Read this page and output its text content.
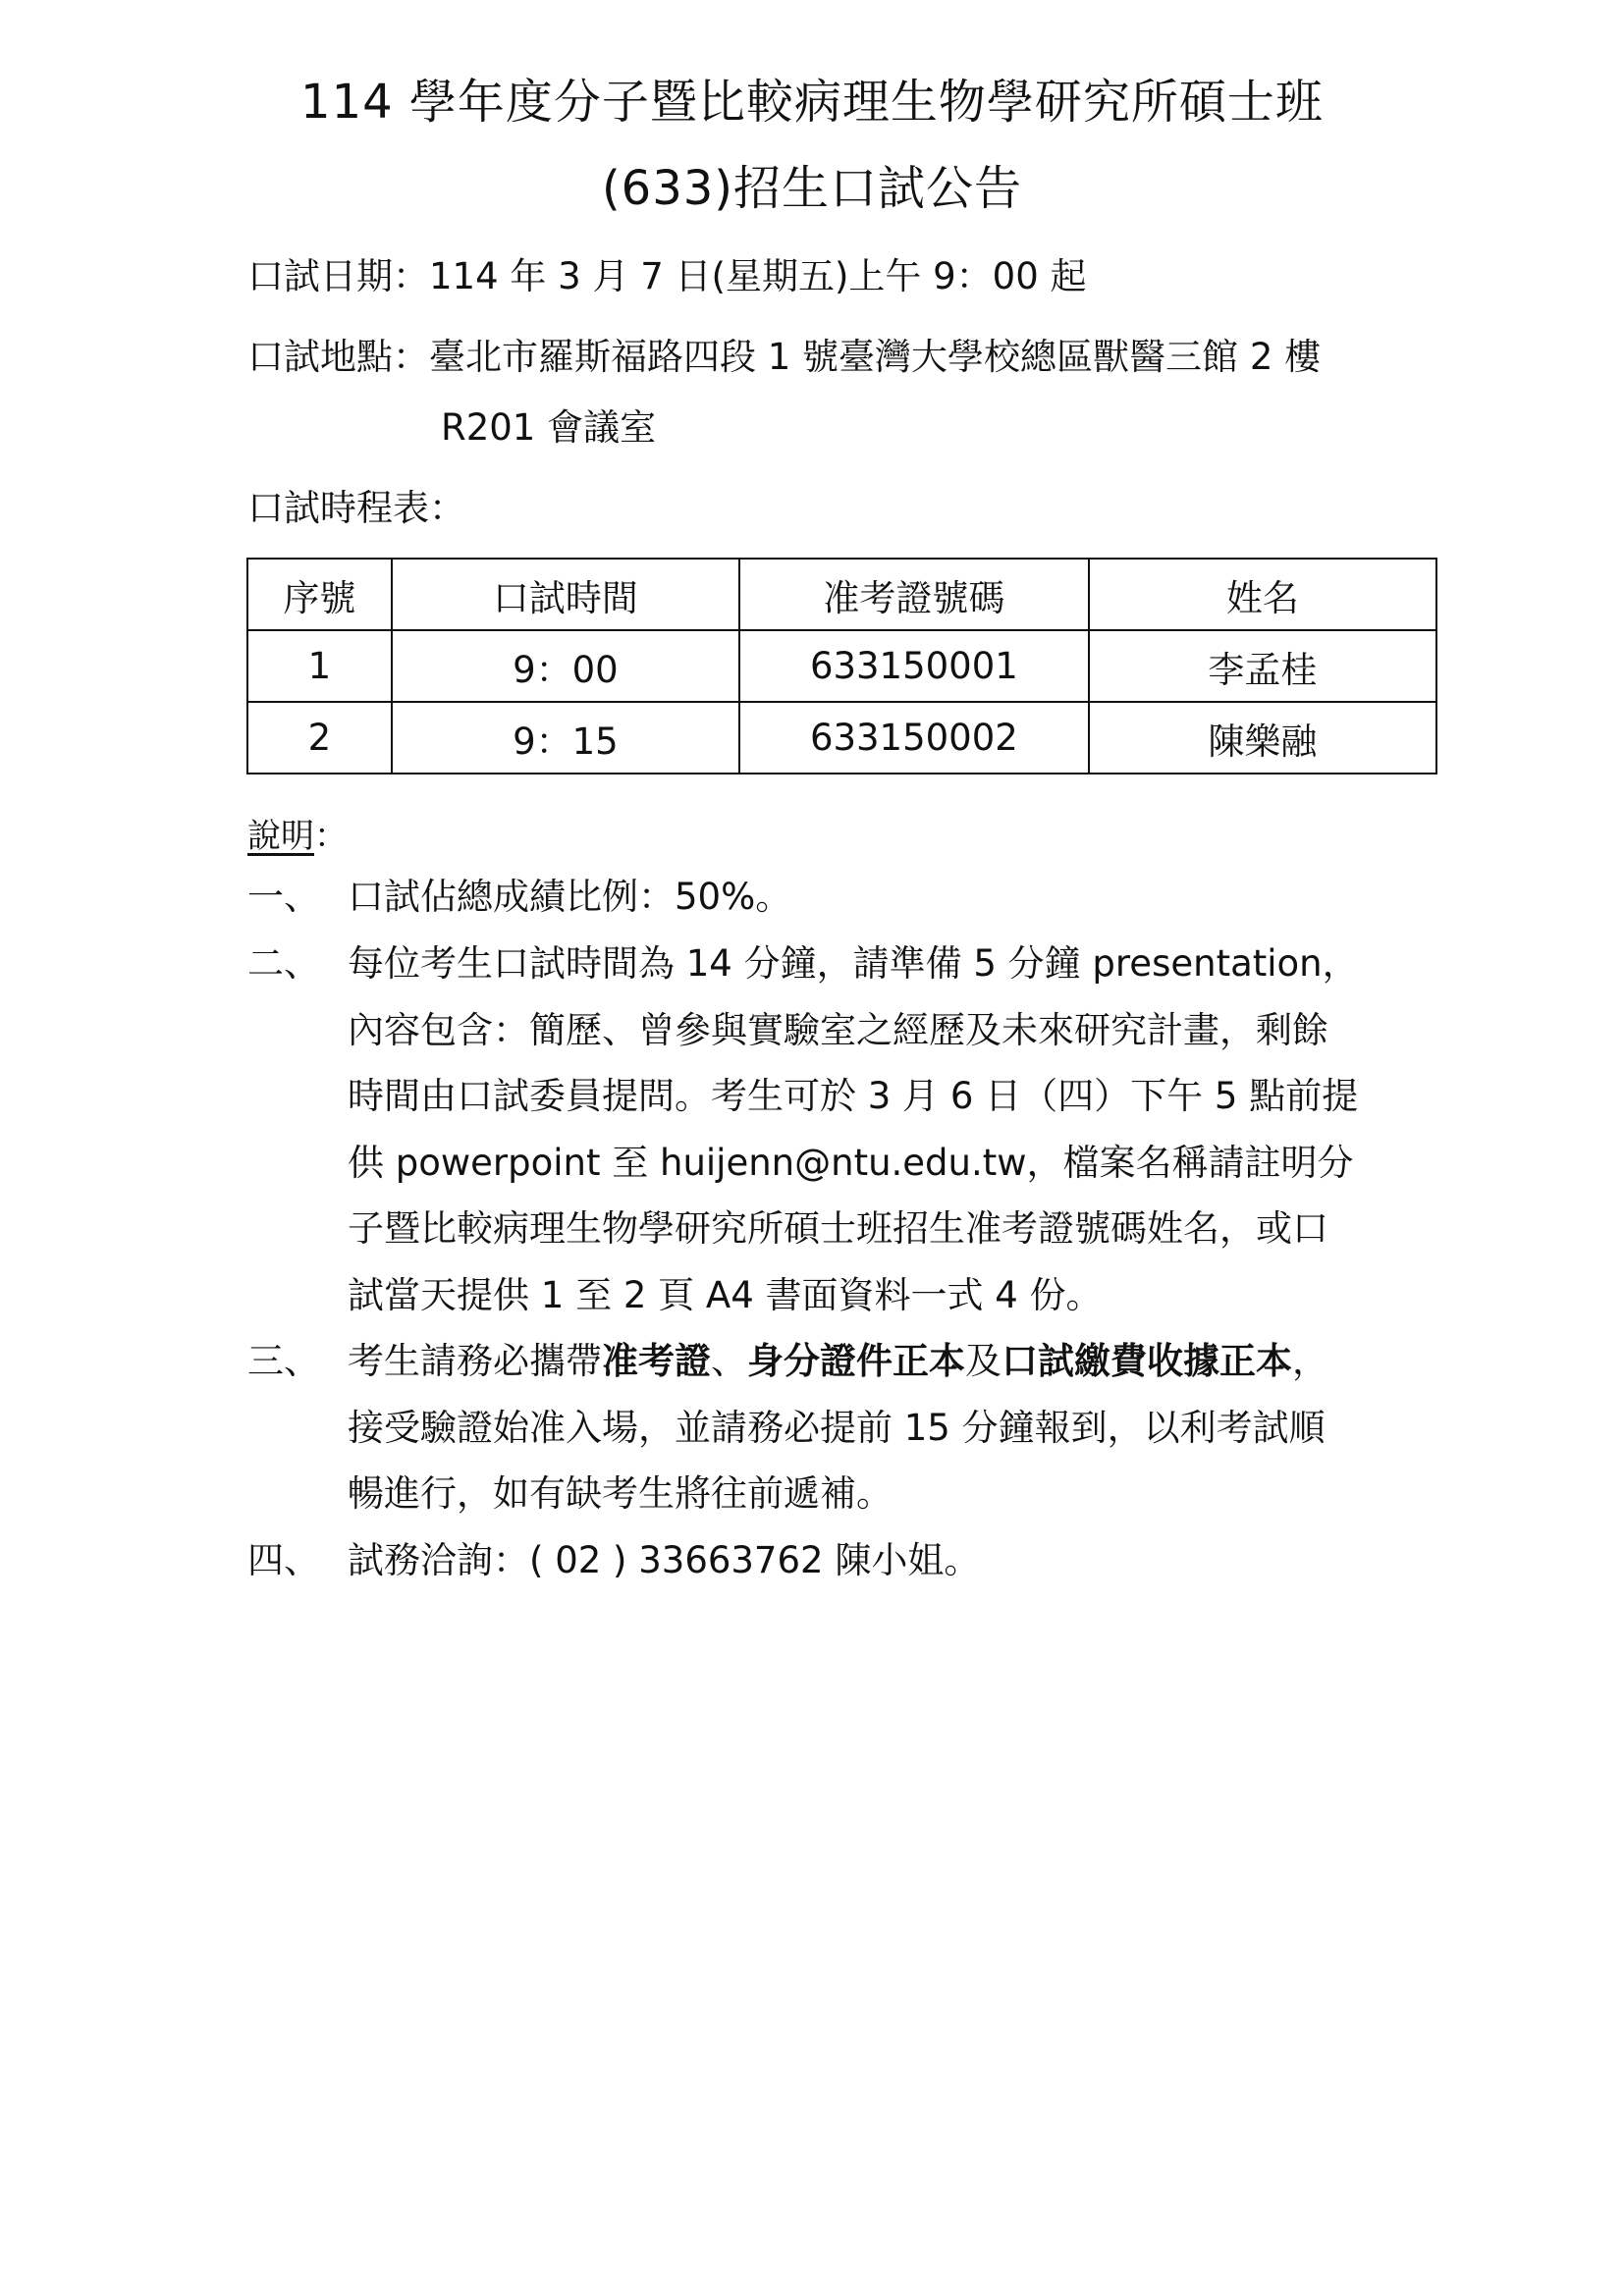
114 學年度分子暨比較病理生物學研究所碩士班
(633)招生口試公告
口試日期：114 年 3 月 7 日(星期五)上午 9：00 起
口試地點：臺北市羅斯福路四段 1 號臺灣大學校總區獸醫三館 2 樓
R201 會議室
口試時程表：
序號	口試時間	准考證號碼	姓名
1	9：00	633150001	李孟桂
2	9：15	633150002	陳樂融
說明：
一、 口試佔總成績比例：50%。
二、 每位考生口試時間為 14 分鐘，請準備 5 分鐘 presentation，
內容包含：簡歷、曾參與實驗室之經歷及未來研究計畫，剩餘
時間由口試委員提問。考生可於 3 月 6 日（四）下午 5 點前提
供 powerpoint 至 huijenn@ntu.edu.tw，檔案名稱請註明分
子暨比較病理生物學研究所碩士班招生准考證號碼姓名，或口
試當天提供 1 至 2 頁 A4 書面資料一式 4 份。
三、 考生請務必攜帶准考證、身分證件正本及口試繳費收據正本，
接受驗證始准入場，並請務必提前 15 分鐘報到，以利考試順
暢進行，如有缺考生將往前遞補。
四、 試務洽詢：( 02 ) 33663762 陳小姐。
